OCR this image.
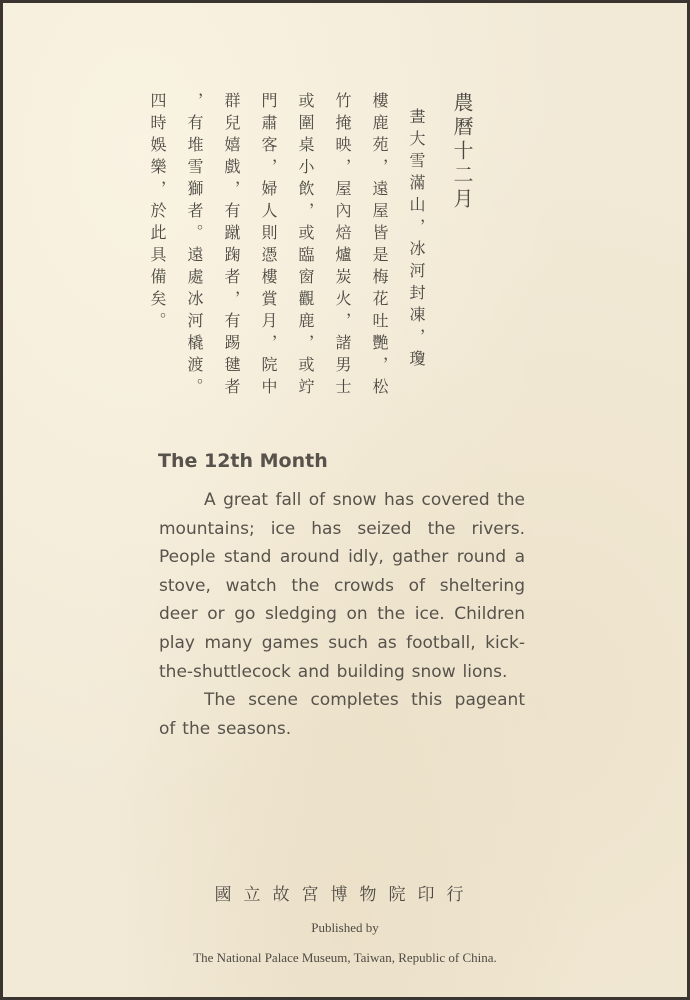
農曆十二月
晝大雪滿山，冰河封凍，瓊
樓鹿苑，遠屋皆是梅花吐艷，松
竹掩映，屋內焙爐炭火，諸男士
或圍桌小飲，或臨窗觀鹿，或竚
門肅客，婦人則憑樓賞月，院中
群兒嬉戲，有蹴踘者，有踢毽者
，有堆雪獅者。遠處冰河橇渡。
四時娛樂，於此具備矣。
The 12th Month

A great fall of snow has covered the mountains; ice has seized the rivers. People stand around idly, gather round a stove, watch the crowds of sheltering deer or go sledging on the ice. Children play many games such as football, kick-the-shuttlecock and building snow lions.

The scene completes this pageant of the seasons.

國立故宮博物院印行
Published by
The National Palace Museum, Taiwan, Republic of China.
